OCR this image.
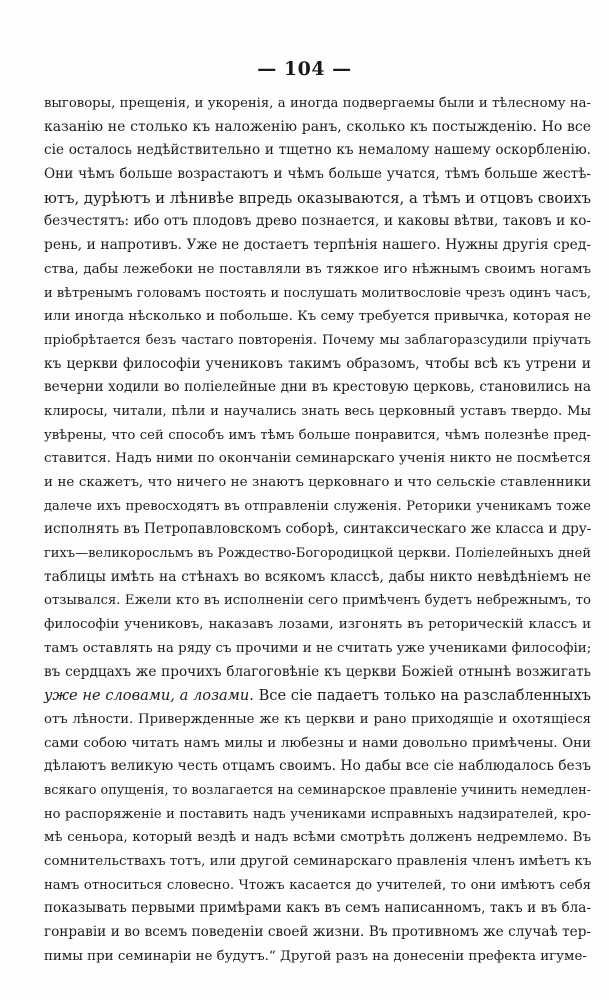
— 104 —
выговоры, прещенія, и укоренія, а иногда подвергаемы были и тѣлесному на-
казанію не столько къ наложенію ранъ, сколько къ постыжденію. Но все
сіе осталось недѣйствительно и тщетно къ немалому нашему оскорбленію.
Они чѣмъ больше возрастаютъ и чѣмъ больше учатся, тѣмъ больше жестѣ-
ютъ, дурѣютъ и лѣнивѣе впредь оказываются, а тѣмъ и отцовъ своихъ
безчестятъ: ибо отъ плодовъ древо познается, и каковы вѣтви, таковъ и ко-
рень, и напротивъ. Уже не достаетъ терпѣнія нашего. Нужны другія сред-
ства, дабы лежебоки не поставляли въ тяжкое иго нѣжнымъ своимъ ногамъ
и вѣтренымъ головамъ постоять и послушать молитвословіе чрезъ одинъ часъ,
или иногда нѣсколько и побольше. Къ сему требуется привычка, которая не
пріобрѣтается безъ частаго повторенія. Почему мы заблагоразсудили пріучать
къ церкви философіи учениковъ такимъ образомъ, чтобы всѣ къ утрени и
вечерни ходили во полiелейные дни въ крестовую церковь, становились на
клиросы, читали, пѣли и научались знать весь церковный уставъ твердо. Мы
увѣрены, что сей способъ имъ тѣмъ больше понравится, чѣмъ полезнѣе пред-
ставится. Надъ ними по окончаніи семинарскаго ученія никто не посмѣется
и не скажетъ, что ничего не знаютъ церковнаго и что сельскіе ставленники
далече ихъ превосходятъ въ отправленіи служенія. Реторики ученикамъ тоже
исполнять въ Петропавловскомъ соборѣ, синтаксическаго же класса и дру-
гихъ—великоросльмъ въ Рождество-Богородицкой церкви. Полiелейныхъ дней
таблицы имѣть на стѣнахъ во всякомъ классѣ, дабы никто невѣдѣніемъ не
отзывался. Ежели кто въ исполненіи сего примѣченъ будетъ небрежнымъ, то
философіи учениковъ, наказавъ лозами, изгонять въ реторическій классъ и
тамъ оставлять на ряду съ прочими и не считать уже учениками философіи;
въ сердцахъ же прочихъ благоговѣніе къ церкви Божіей отнынѣ возжигать
уже не словами, а лозами. Все сіе падаетъ только на разслабленныхъ
отъ лѣности. Привержденные же къ церкви и рано приходящіе и охотящіеся
сами собою читать намъ милы и любезны и нами довольно примѣчены. Они
дѣлаютъ великую честь отцамъ своимъ. Но дабы все сіе наблюдалось безъ
всякаго опущенія, то возлагается на семинарское правленіе учинить немедлен-
но распоряженіе и поставить надъ учениками исправныхъ надзирателей, кро-
мѣ сеньора, который вездѣ и надъ всѣми смотрѣть долженъ недремлемо. Въ
сомнительствахъ тотъ, или другой семинарскаго правленія членъ имѣетъ къ
намъ относиться словесно. Чтожъ касается до учителей, то они имѣютъ себя
показывать первыми примѣрами какъ въ семъ написанномъ, такъ и въ бла-
гонравіи и во всемъ поведеніи своей жизни. Въ противномъ же случаѣ тер-
пимы при семинаріи не будутъ.“ Другой разъ на донесеніи префекта игуме-
